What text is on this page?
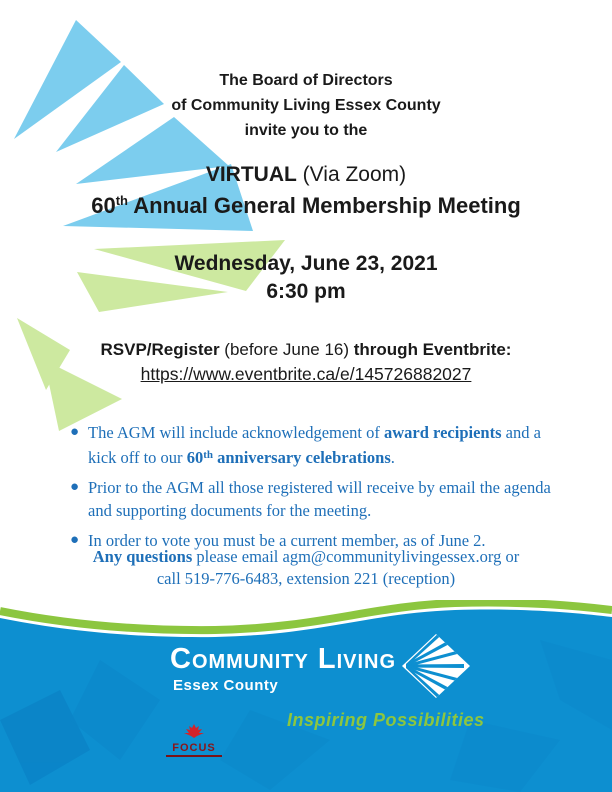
The Board of Directors
of Community Living Essex County
invite you to the
VIRTUAL (Via Zoom)
60th Annual General Membership Meeting
Wednesday, June 23, 2021
6:30 pm
RSVP/Register (before June 16) through Eventbrite:
https://www.eventbrite.ca/e/145726882027
● The AGM will include acknowledgement of award recipients and a
kick off to our 60th anniversary celebrations.
● Prior to the AGM all those registered will receive by email the agenda
and supporting documents for the meeting.
● In order to vote you must be a current member, as of June 2.
Any questions please email agm@communitylivingessex.org or
call 519-776-6483, extension 221 (reception)
Community Living
Essex County
Inspiring Possibilities
FOCUS
